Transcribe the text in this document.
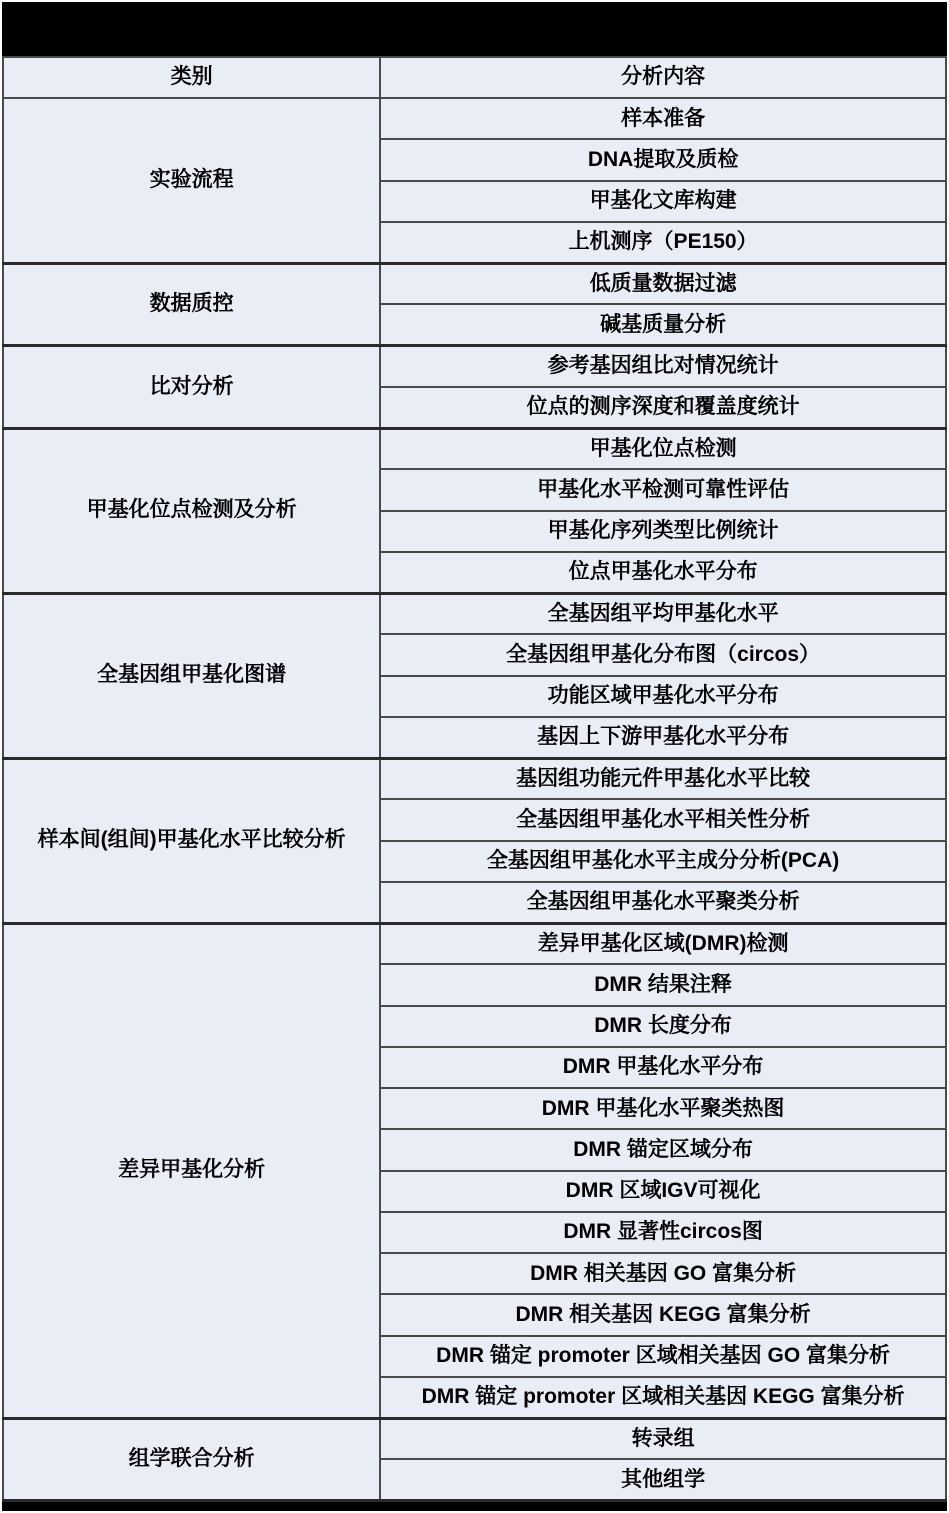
类别	分析内容
实验流程	样本准备
	DNA提取及质检
	甲基化文库构建
	上机测序（PE150）
数据质控	低质量数据过滤
	碱基质量分析
比对分析	参考基因组比对情况统计
	位点的测序深度和覆盖度统计
甲基化位点检测及分析	甲基化位点检测
	甲基化水平检测可靠性评估
	甲基化序列类型比例统计
	位点甲基化水平分布
全基因组甲基化图谱	全基因组平均甲基化水平
	全基因组甲基化分布图（circos）
	功能区域甲基化水平分布
	基因上下游甲基化水平分布
样本间(组间)甲基化水平比较分析	基因组功能元件甲基化水平比较
	全基因组甲基化水平相关性分析
	全基因组甲基化水平主成分分析(PCA)
	全基因组甲基化水平聚类分析
差异甲基化分析	差异甲基化区域(DMR)检测
	DMR 结果注释
	DMR 长度分布
	DMR 甲基化水平分布
	DMR 甲基化水平聚类热图
	DMR 锚定区域分布
	DMR 区域IGV可视化
	DMR 显著性circos图
	DMR 相关基因 GO 富集分析
	DMR 相关基因 KEGG 富集分析
	DMR 锚定 promoter 区域相关基因 GO 富集分析
	DMR 锚定 promoter 区域相关基因 KEGG 富集分析
组学联合分析	转录组
	其他组学
